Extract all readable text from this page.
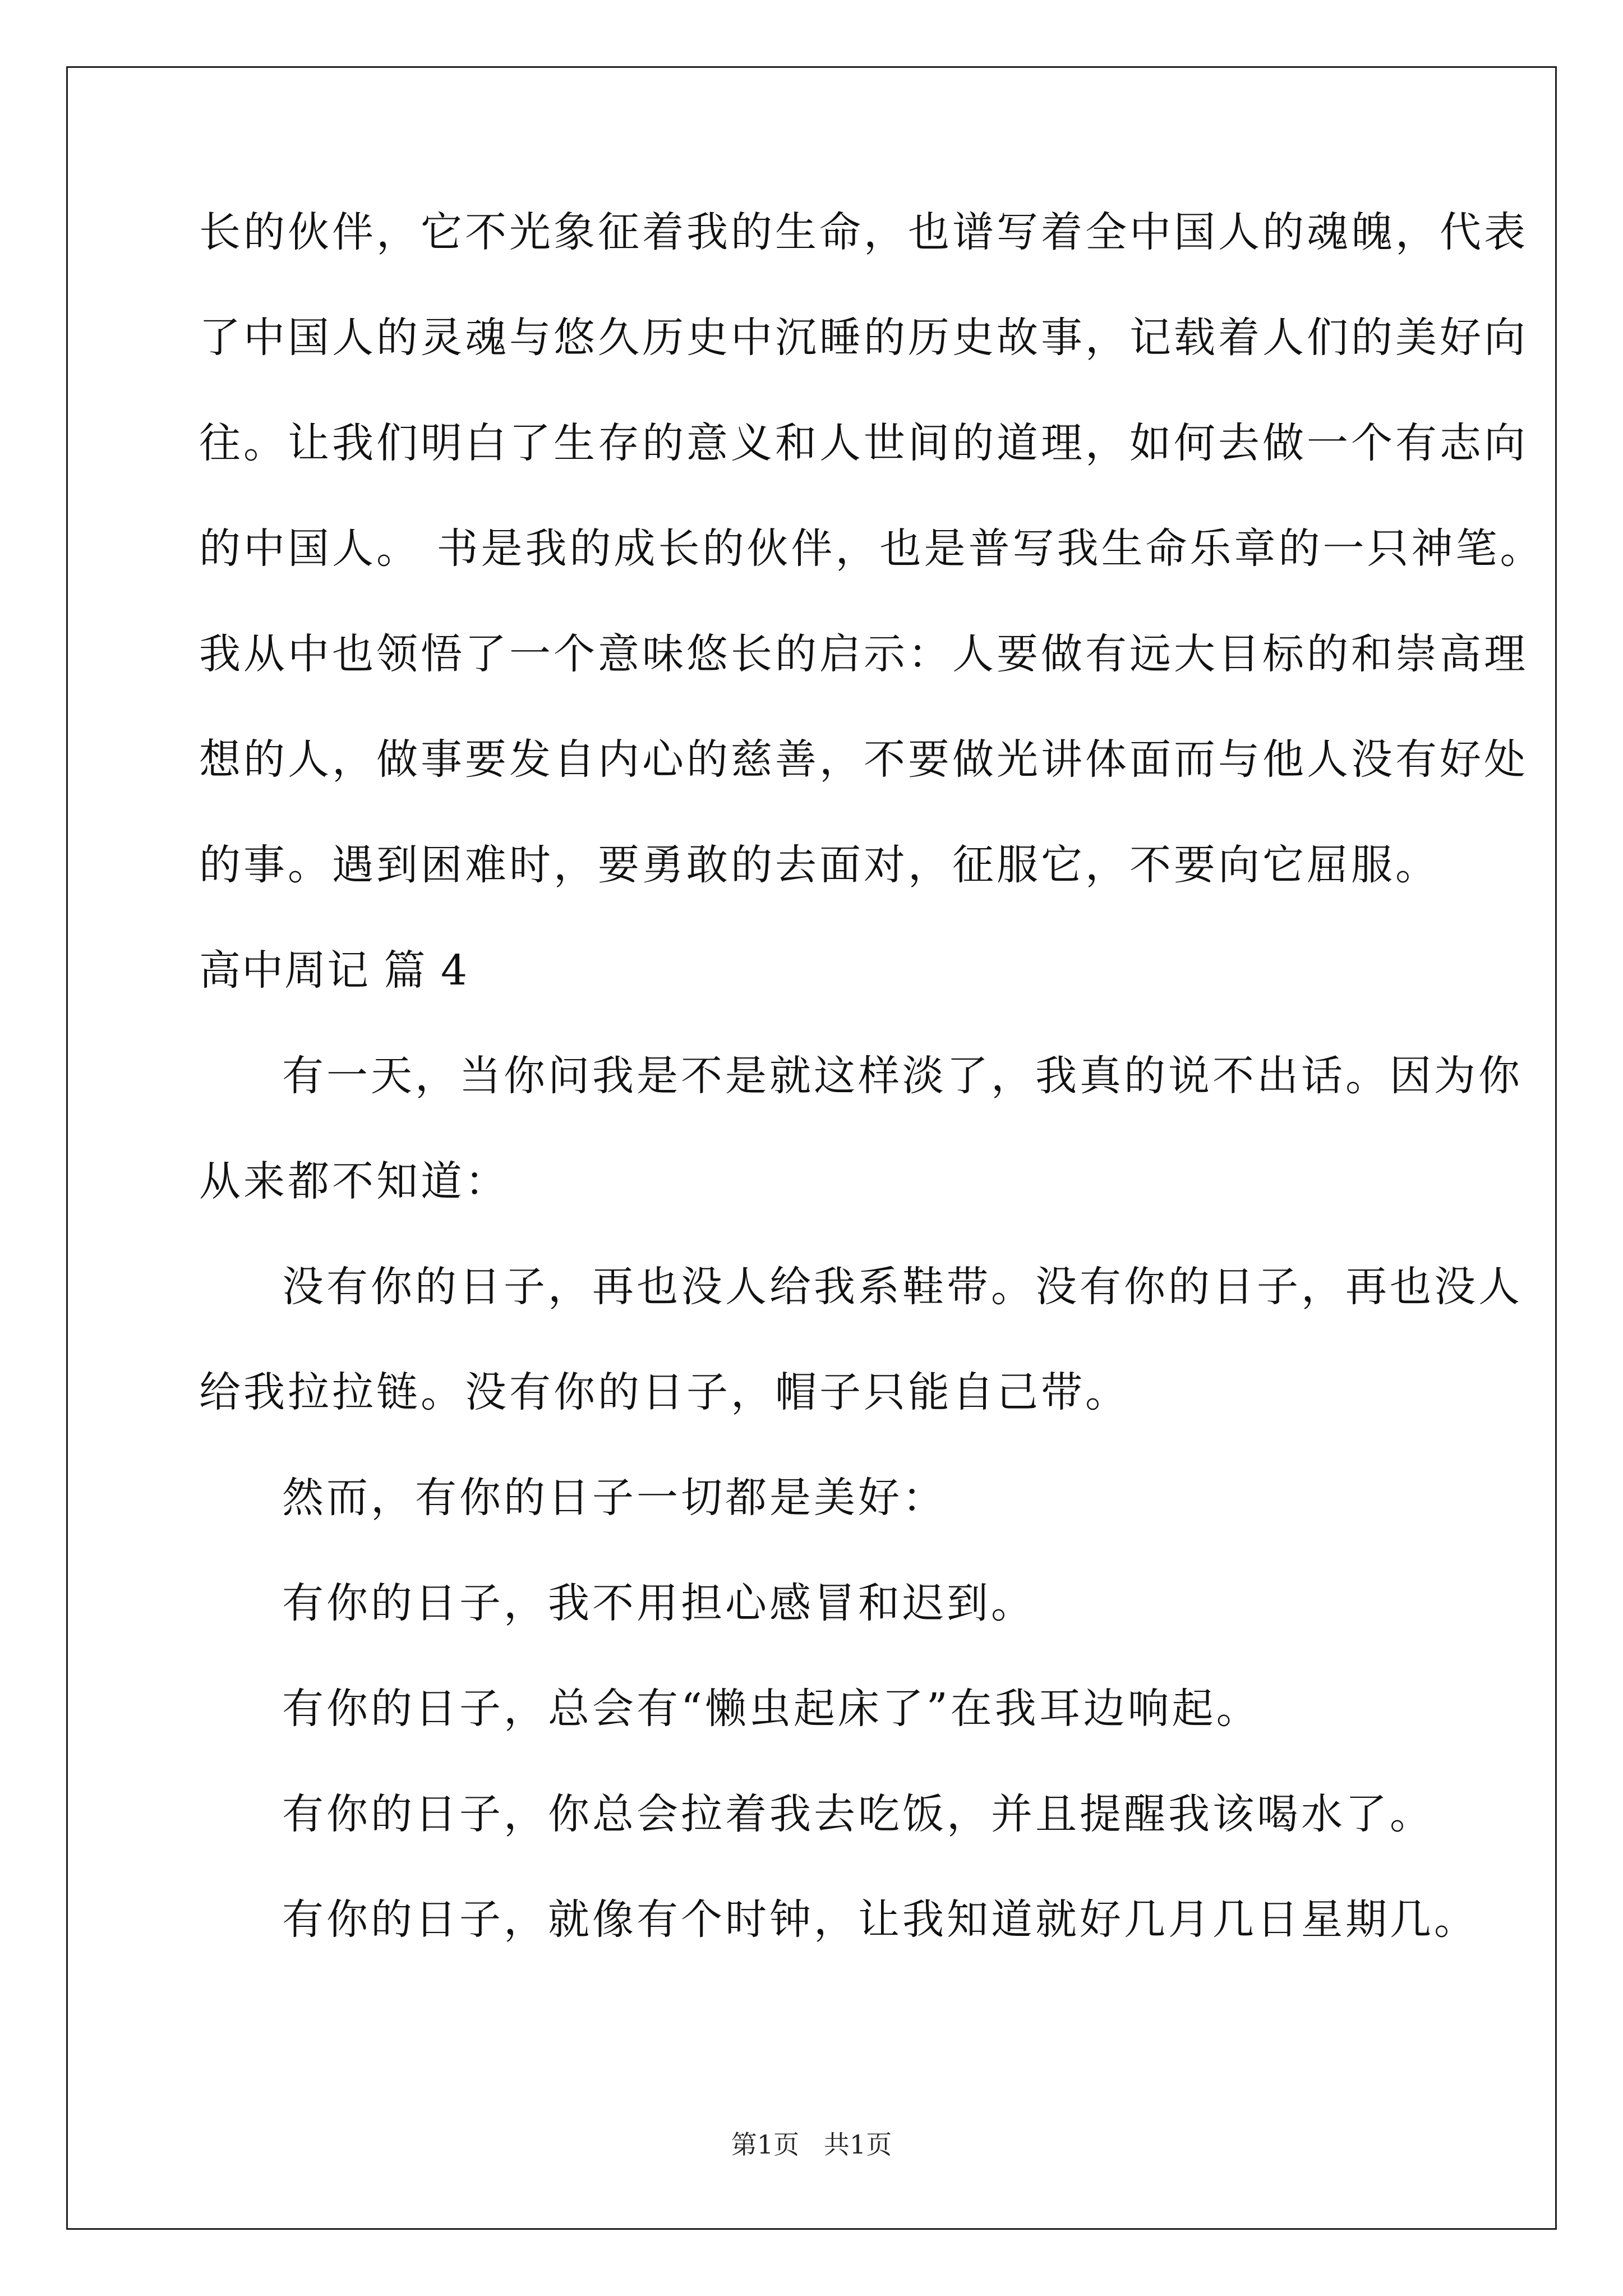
长的伙伴，它不光象征着我的生命，也谱写着全中国人的魂魄，代表
了中国人的灵魂与悠久历史中沉睡的历史故事，记载着人们的美好向
往。让我们明白了生存的意义和人世间的道理，如何去做一个有志向
的中国人。 书是我的成长的伙伴，也是普写我生命乐章的一只神笔。
我从中也领悟了一个意味悠长的启示：人要做有远大目标的和崇高理
想的人，做事要发自内心的慈善，不要做光讲体面而与他人没有好处
的事。遇到困难时，要勇敢的去面对，征服它，不要向它屈服。
高中周记 篇 4
有一天，当你问我是不是就这样淡了，我真的说不出话。因为你
从来都不知道：
没有你的日子，再也没人给我系鞋带。没有你的日子，再也没人
给我拉拉链。没有你的日子，帽子只能自己带。
然而，有你的日子一切都是美好：
有你的日子，我不用担心感冒和迟到。
有你的日子，总会有“懒虫起床了”在我耳边响起。
有你的日子，你总会拉着我去吃饭，并且提醒我该喝水了。
有你的日子，就像有个时钟，让我知道就好几月几日星期几。
第1页   共1页
